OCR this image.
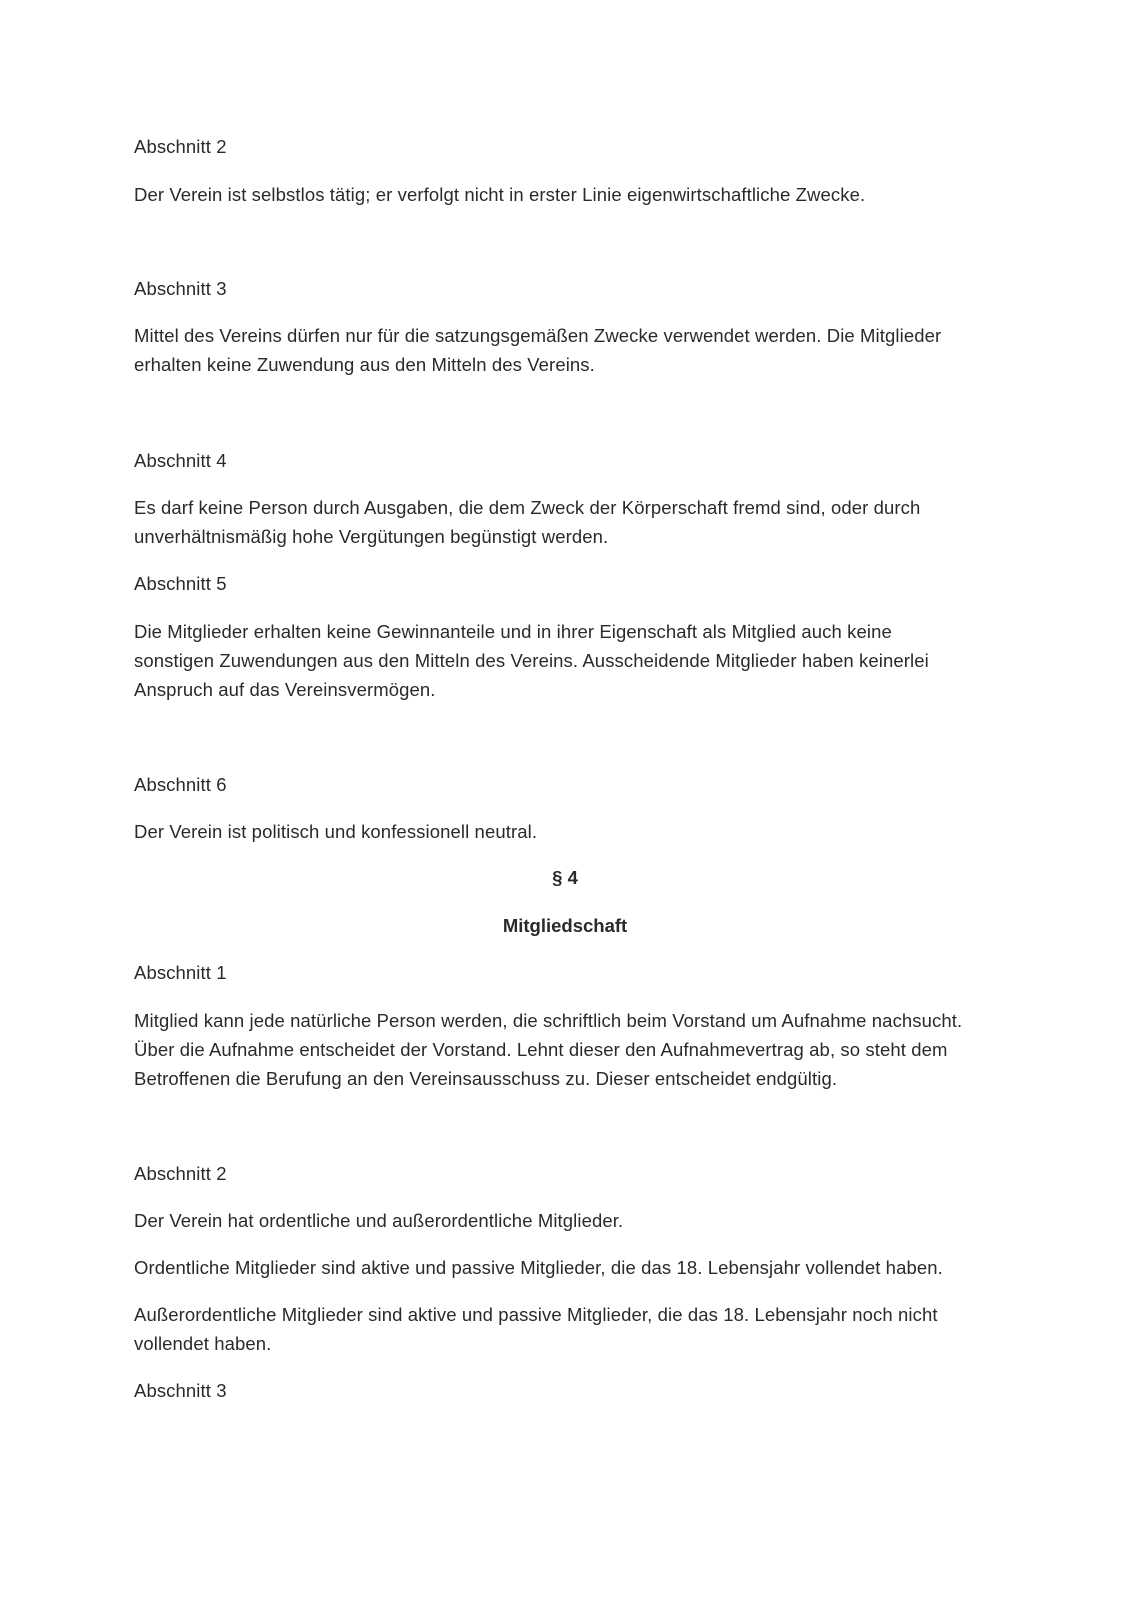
Abschnitt 2
Der Verein ist selbstlos tätig; er verfolgt nicht in erster Linie eigenwirtschaftliche Zwecke.
Abschnitt 3
Mittel des Vereins dürfen nur für die satzungsgemäßen Zwecke verwendet werden. Die Mitglieder
erhalten keine Zuwendung aus den Mitteln des Vereins.
Abschnitt 4
Es darf keine Person durch Ausgaben, die dem Zweck der Körperschaft fremd sind, oder durch
unverhältnismäßig hohe Vergütungen begünstigt werden.
Abschnitt 5
Die Mitglieder erhalten keine Gewinnanteile und in ihrer Eigenschaft als Mitglied auch keine
sonstigen Zuwendungen aus den Mitteln des Vereins. Ausscheidende Mitglieder haben keinerlei
Anspruch auf das Vereinsvermögen.
Abschnitt 6
Der Verein ist politisch und konfessionell neutral.
§ 4
Mitgliedschaft
Abschnitt 1
Mitglied kann jede natürliche Person werden, die schriftlich beim Vorstand um Aufnahme nachsucht.
Über die Aufnahme entscheidet der Vorstand. Lehnt dieser den Aufnahmevertrag ab, so steht dem
Betroffenen die Berufung an den Vereinsausschuss zu. Dieser entscheidet endgültig.
Abschnitt 2
Der Verein hat ordentliche und außerordentliche Mitglieder.
Ordentliche Mitglieder sind aktive und passive Mitglieder, die das 18. Lebensjahr vollendet haben.
Außerordentliche Mitglieder sind aktive und passive Mitglieder, die das 18. Lebensjahr noch nicht
vollendet haben.
Abschnitt 3
